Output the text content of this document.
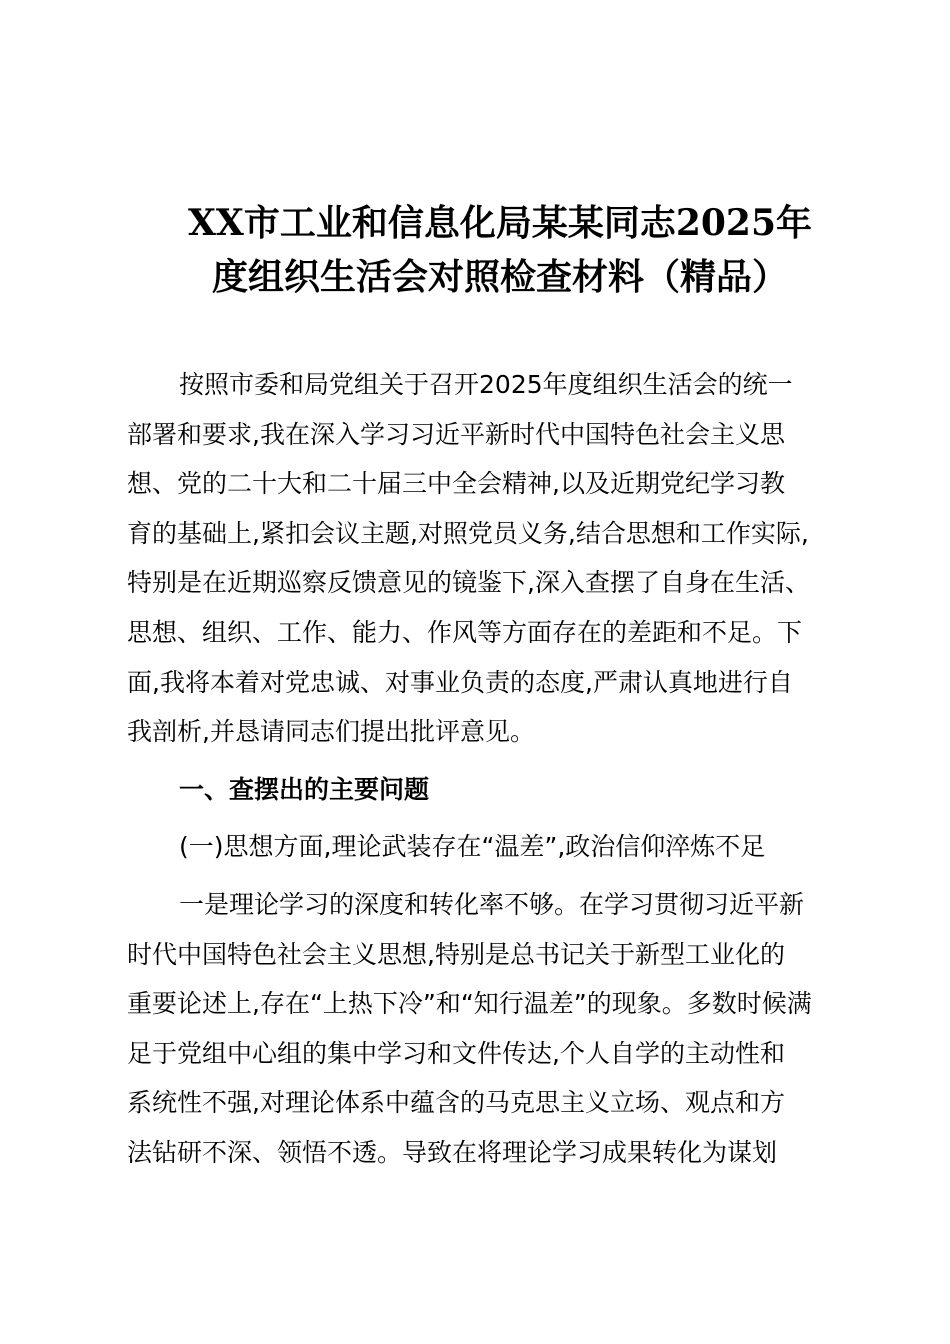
XX市工业和信息化局某某同志2025年
度组织生活会对照检查材料（精品）
按照市委和局党组关于召开2025年度组织生活会的统一
部署和要求,我在深入学习习近平新时代中国特色社会主义思
想、党的二十大和二十届三中全会精神,以及近期党纪学习教
育的基础上,紧扣会议主题,对照党员义务,结合思想和工作实际,
特别是在近期巡察反馈意见的镜鉴下,深入查摆了自身在生活、
思想、组织、工作、能力、作风等方面存在的差距和不足。下
面,我将本着对党忠诚、对事业负责的态度,严肃认真地进行自
我剖析,并恳请同志们提出批评意见。
一、查摆出的主要问题
(一)思想方面,理论武装存在“温差”,政治信仰淬炼不足
一是理论学习的深度和转化率不够。在学习贯彻习近平新
时代中国特色社会主义思想,特别是总书记关于新型工业化的
重要论述上,存在“上热下冷”和“知行温差”的现象。多数时候满
足于党组中心组的集中学习和文件传达,个人自学的主动性和
系统性不强,对理论体系中蕴含的马克思主义立场、观点和方
法钻研不深、领悟不透。导致在将理论学习成果转化为谋划
